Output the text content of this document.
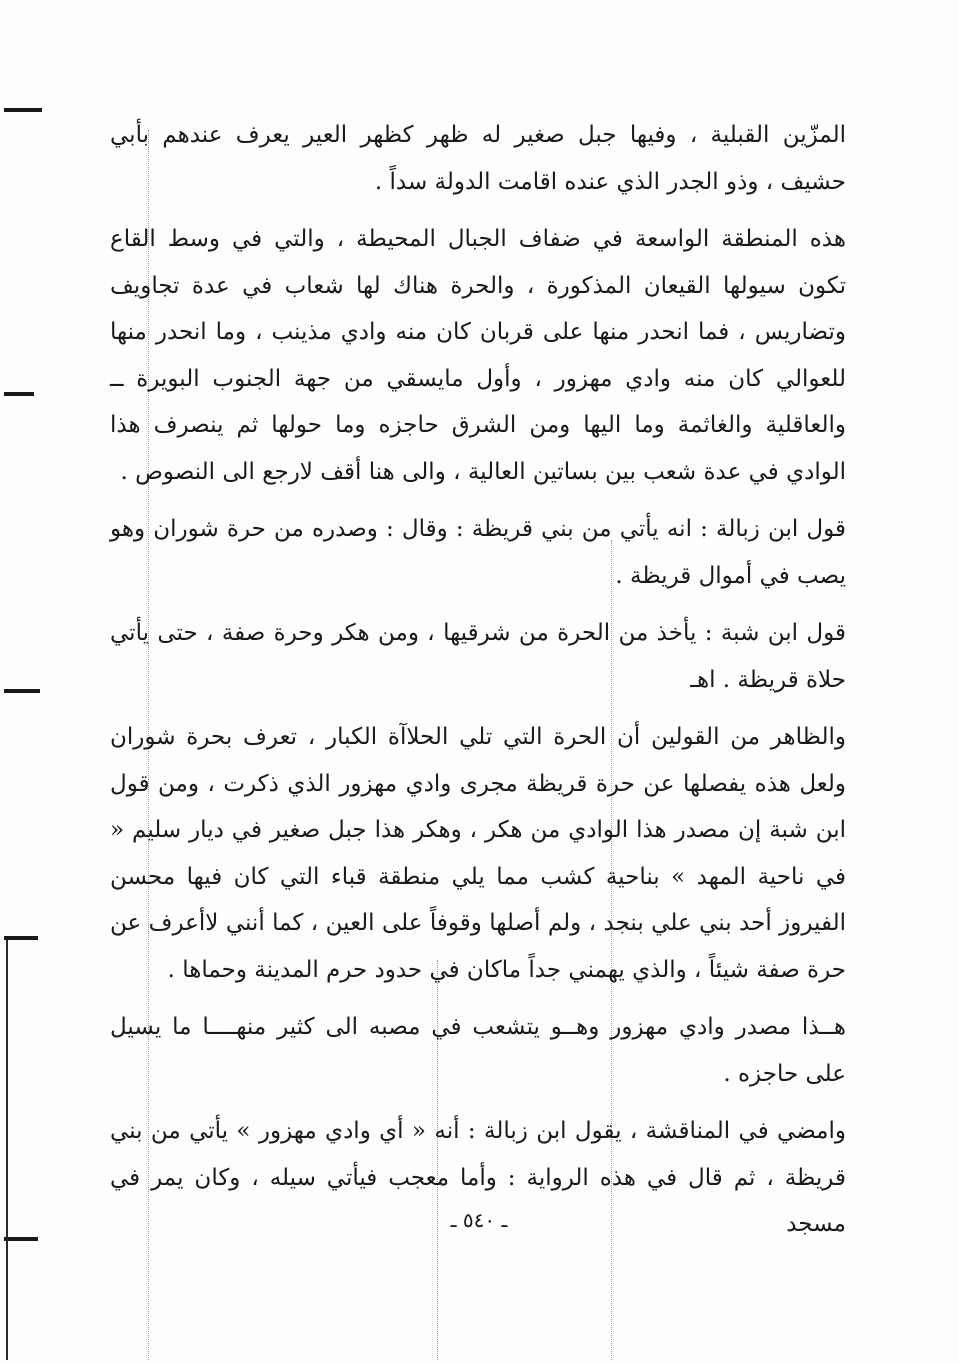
المزّين القبلية ، وفيها جبل صغير له ظهر كظهر العير يعرف عندهم بأبي حشيف ، وذو الجدر الذي عنده اقامت الدولة سداً .

هذه المنطقة الواسعة في ضفاف الجبال المحيطة ، والتي في وسط القاع تكون سيولها القيعان المذكورة ، والحرة هناك لها شعاب في عدة تجاويف وتضاريس ، فما انحدر منها على قربان كان منه وادي مذينب ، وما انحدر منها للعوالي كان منه وادي مهزور ، وأول مايسقي من جهة الجنوب البويرة ــ والعاقلية والغاثمة وما اليها ومن الشرق حاجزه وما حولها ثم ينصرف هذا الوادي في عدة شعب بين بساتين العالية ، والى هنا أقف لارجع الى النصوص .

قول ابن زبالة : انه يأتي من بني قريظة : وقال : وصدره من حرة شوران وهو يصب في أموال قريظة .

قول ابن شبة : يأخذ من الحرة من شرقيها ، ومن هكر وحرة صفة ، حتى يأتي حلاة قريظة . اهـ

والظاهر من القولين أن الحرة التي تلي الحلاآة الكبار ، تعرف بحرة شوران ولعل هذه يفصلها عن حرة قريظة مجرى وادي مهزور الذي ذكرت ، ومن قول ابن شبة إن مصدر هذا الوادي من هكر ، وهكر هذا جبل صغير في ديار سليم « في ناحية المهد » بناحية كشب مما يلي منطقة قباء التي كان فيها محسن الفيروز أحد بني علي بنجد ، ولم أصلها وقوفاً على العين ، كما أنني لاأعرف عن حرة صفة شيئاً ، والذي يهمني جداً ماكان في حدود حرم المدينة وحماها .

هــذا مصدر وادي مهزور وهــو يتشعب في مصبه الى كثير منهــــا ما يسيل على حاجزه .

وامضي في المناقشة ، يقول ابن زبالة : أنه « أي وادي مهزور » يأتي من بني قريظة ، ثم قال في هذه الرواية : وأما معجب فيأتي سيله ، وكان يمر في مسجد

ـ ٥٤٠ ـ
